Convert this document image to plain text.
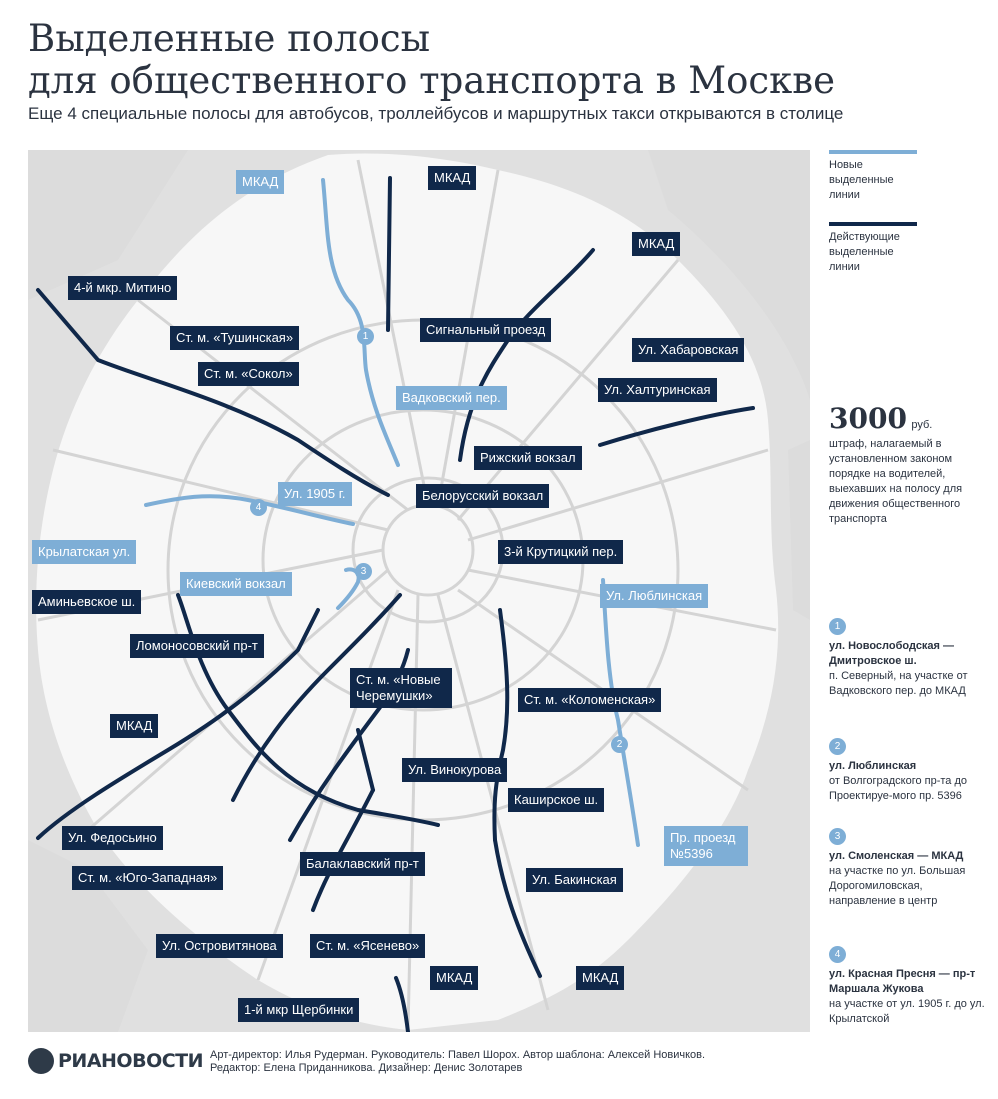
Выделенные полосы
для общественного транспорта в Москве

Еще 4 специальные полосы для автобусов, троллейбусов и маршрутных такси открываются в столице

МКАД	МКАД
МКАД
4-й мкр. Митино
Ст. м. «Тушинская»
Ст. м. «Сокол»
Сигнальный проезд
Ул. Хабаровская
Ул. Халтуринская
Вадковский пер.
Рижский вокзал
Белорусский вокзал
Ул. 1905 г.
Крылатская ул.	3-й Крутицкий пер.
Киевский вокзал
Ул. Люблинская
Аминьевское ш.
Ломоносовский пр-т
Ст. м. «Новые Черемушки»	Ст. м. «Коломенская»
МКАД
Ул. Винокурова
Каширское ш.
Ул. Федосьино	Пр. проезд №5396
Балаклавский пр-т
Ст. м. «Юго-Западная»	Ул. Бакинская
Ул. Островитянова	Ст. м. «Ясенево»
МКАД	МКАД
1-й мкр Щербинки
1
4
3
2
Новые выделенные линии
Действующие выделенные линии
3000 руб.
штраф, налагаемый в установленном законом порядке на водителей, выехавших на полосу для движения общественного транспорта
1
ул. Новослободская — Дмитровское ш.
п. Северный, на участке от Вадковского пер. до МКАД
2
ул. Люблинская
от Волгоградского пр-та до Проектируе-мого пр. 5396
3
ул. Смоленская — МКАД
на участке по ул. Большая Дорогомиловская, направление в центр
4
ул. Красная Пресня — пр-т Маршала Жукова
на участке от ул. 1905 г. до ул. Крылатской
РИАНОВОСТИ Арт-директор: Илья Рудерман. Руководитель: Павел Шорох. Автор шаблона: Алексей Новичков.
Редактор: Елена Приданникова. Дизайнер: Денис Золотарев
